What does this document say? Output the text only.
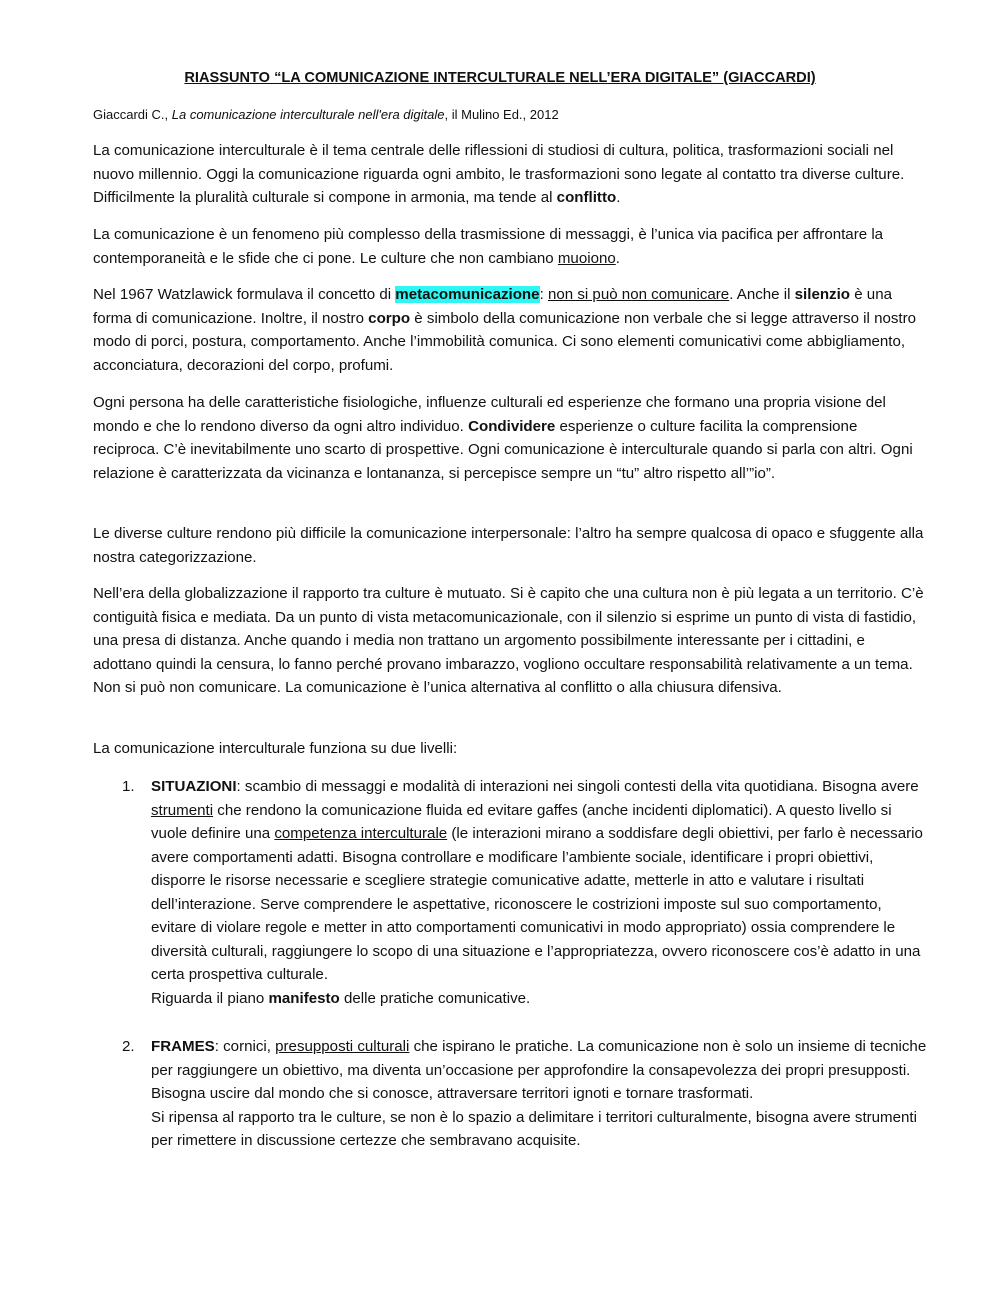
RIASSUNTO “LA COMUNICAZIONE INTERCULTURALE NELL’ERA DIGITALE” (GIACCARDI)
Giaccardi C., La comunicazione interculturale nell'era digitale, il Mulino Ed., 2012

La comunicazione interculturale è il tema centrale delle riflessioni di studiosi di cultura, politica, trasformazioni sociali nel nuovo millennio. Oggi la comunicazione riguarda ogni ambito, le trasformazioni sono legate al contatto tra diverse culture. Difficilmente la pluralità culturale si compone in armonia, ma tende al conflitto.

La comunicazione è un fenomeno più complesso della trasmissione di messaggi, è l’unica via pacifica per affrontare la contemporaneità e le sfide che ci pone. Le culture che non cambiano muoiono.

Nel 1967 Watzlawick formulava il concetto di metacomunicazione: non si può non comunicare. Anche il silenzio è una forma di comunicazione. Inoltre, il nostro corpo è simbolo della comunicazione non verbale che si legge attraverso il nostro modo di porci, postura, comportamento. Anche l’immobilità comunica. Ci sono elementi comunicativi come abbigliamento, acconciatura, decorazioni del corpo, profumi.

Ogni persona ha delle caratteristiche fisiologiche, influenze culturali ed esperienze che formano una propria visione del mondo e che lo rendono diverso da ogni altro individuo. Condividere esperienze o culture facilita la comprensione reciproca. C’è inevitabilmente uno scarto di prospettive. Ogni comunicazione è interculturale quando si parla con altri. Ogni relazione è caratterizzata da vicinanza e lontananza, si percepisce sempre un “tu” altro rispetto all’”io”.

Le diverse culture rendono più difficile la comunicazione interpersonale: l’altro ha sempre qualcosa di opaco e sfuggente alla nostra categorizzazione.

Nell’era della globalizzazione il rapporto tra culture è mutuato. Si è capito che una cultura non è più legata a un territorio. C’è contiguità fisica e mediata. Da un punto di vista metacomunicazionale, con il silenzio si esprime un punto di vista di fastidio, una presa di distanza. Anche quando i media non trattano un argomento possibilmente interessante per i cittadini, e adottano quindi la censura, lo fanno perché provano imbarazzo, vogliono occultare responsabilità relativamente a un tema. Non si può non comunicare. La comunicazione è l’unica alternativa al conflitto o alla chiusura difensiva.

La comunicazione interculturale funziona su due livelli:

1. SITUAZIONI: scambio di messaggi e modalità di interazioni nei singoli contesti della vita quotidiana. Bisogna avere strumenti che rendono la comunicazione fluida ed evitare gaffes (anche incidenti diplomatici). A questo livello si vuole definire una competenza interculturale (le interazioni mirano a soddisfare degli obiettivi, per farlo è necessario avere comportamenti adatti. Bisogna controllare e modificare l’ambiente sociale, identificare i propri obiettivi, disporre le risorse necessarie e scegliere strategie comunicative adatte, metterle in atto e valutare i risultati dell’interazione. Serve comprendere le aspettative, riconoscere le costrizioni imposte sul suo comportamento, evitare di violare regole e metter in atto comportamenti comunicativi in modo appropriato) ossia comprendere le diversità culturali, raggiungere lo scopo di una situazione e l’appropriatezza, ovvero riconoscere cos’è adatto in una certa prospettiva culturale.

Riguarda il piano manifesto delle pratiche comunicative.

2. FRAMES: cornici, presupposti culturali che ispirano le pratiche. La comunicazione non è solo un insieme di tecniche per raggiungere un obiettivo, ma diventa un’occasione per approfondire la consapevolezza dei propri presupposti. Bisogna uscire dal mondo che si conosce, attraversare territori ignoti e tornare trasformati.

Si ripensa al rapporto tra le culture, se non è lo spazio a delimitare i territori culturalmente, bisogna avere strumenti per rimettere in discussione certezze che sembravano acquisite.
